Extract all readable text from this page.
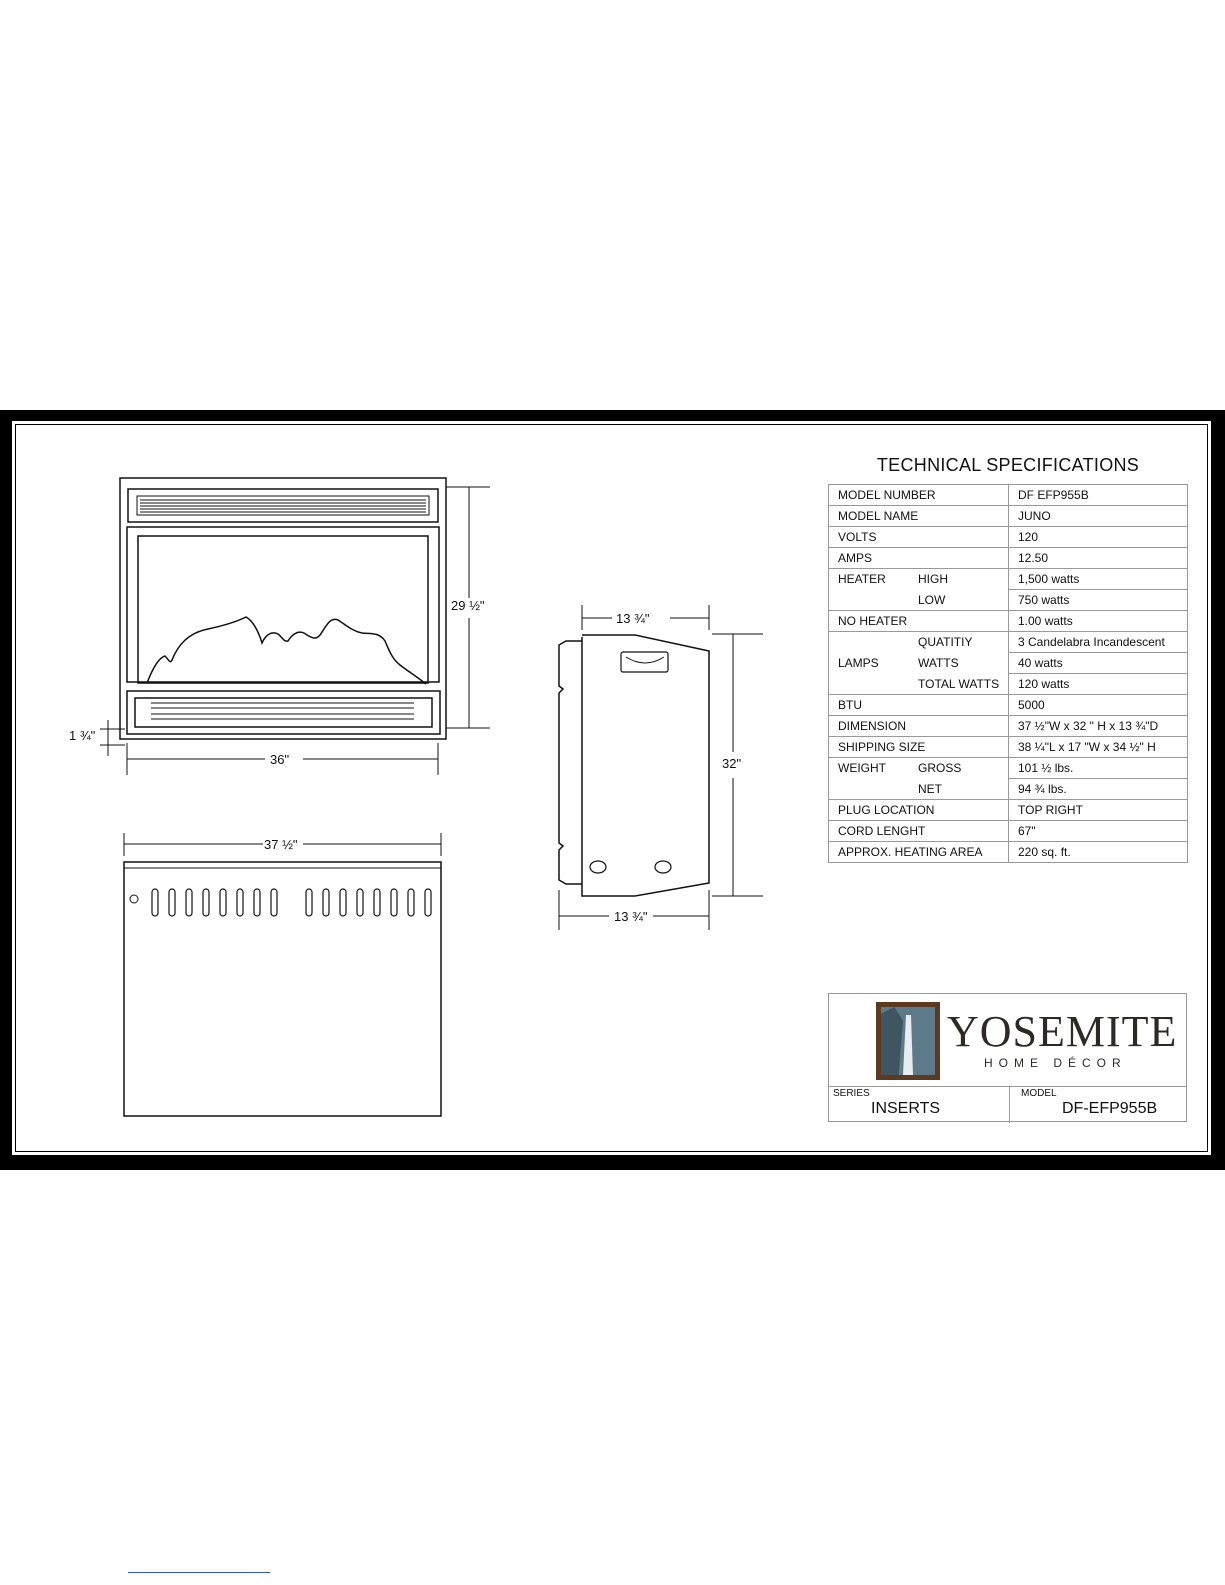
29 ½"
36"
1 ¾"
37 ½"
13 ¾"
32"
13 ¾"
TECHNICAL SPECIFICATIONS
MODEL NUMBER	DF EFP955B
MODEL NAME	JUNO
VOLTS	120
AMPS	12.50
HEATER HIGH	1,500 watts
LOW	750 watts
NO HEATER	1.00 watts
QUATITIY	3 Candelabra Incandescent
LAMPS WATTS	40 watts
TOTAL WATTS	120 watts
BTU	5000
DIMENSION	37 ½"W x 32 " H x 13 ¾"D
SHIPPING SIZE	38 ¼"L x 17 "W x 34 ½" H
WEIGHT GROSS	101 ½ lbs.
NET	94 ¾ lbs.
PLUG LOCATION	TOP RIGHT
CORD LENGHT	67"
APPROX. HEATING AREA	220 sq. ft.
YOSEMITE
HOME DÉCOR
SERIES
INSERTS
MODEL
DF-EFP955B
